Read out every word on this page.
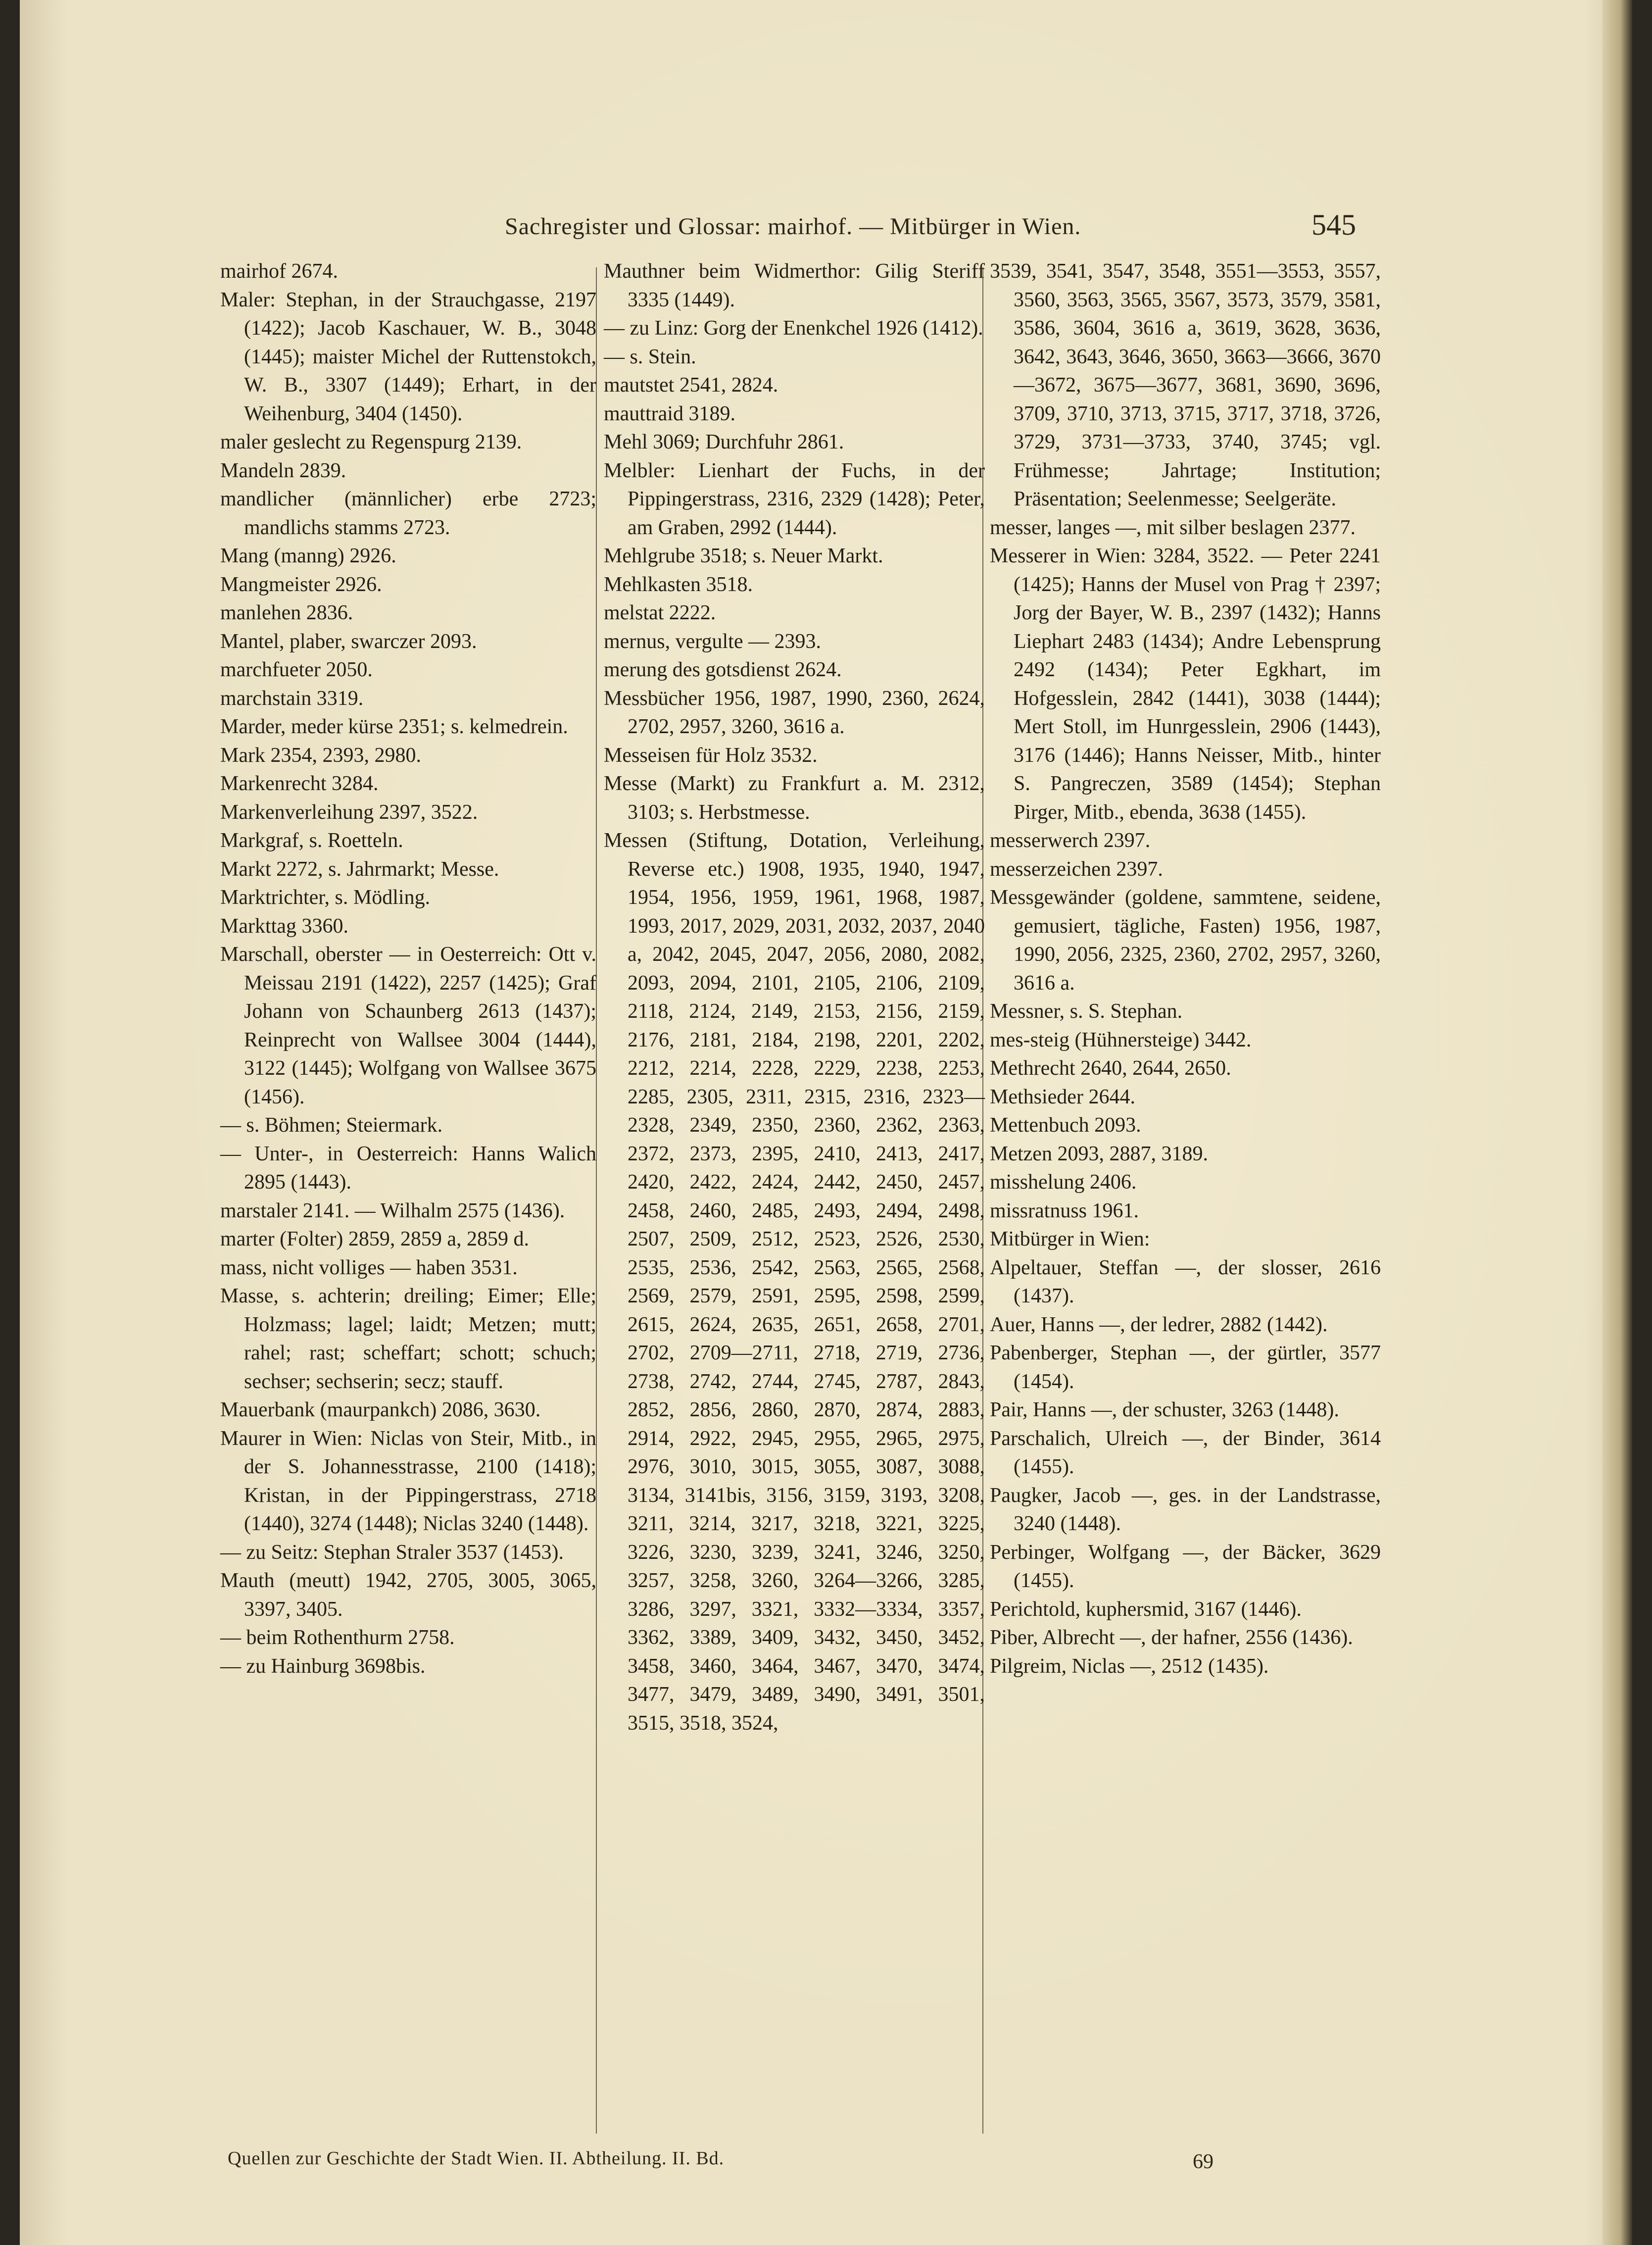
Sachregister und Glossar: mairhof. — Mitbürger in Wien.	545

mairhof 2674.

Maler: Stephan, in der Strauchgasse, 2197 (1422); Jacob Kaschauer, W. B., 3048 (1445); maister Michel der Ruttenstokch, W. B., 3307 (1449); Erhart, in der Weihenburg, 3404 (1450).

maler geslecht zu Regenspurg 2139.

Mandeln 2839.

mandlicher (männlicher) erbe 2723; mandlichs stamms 2723.

Mang (manng) 2926.

Mangmeister 2926.

manlehen 2836.

Mantel, plaber, swarczer 2093.

marchfueter 2050.

marchstain 3319.

Marder, meder kürse 2351; s. kelmedrein.

Mark 2354, 2393, 2980.

Markenrecht 3284.

Markenverleihung 2397, 3522.

Markgraf, s. Roetteln.

Markt 2272, s. Jahrmarkt; Messe.

Marktrichter, s. Mödling.

Markttag 3360.

Marschall, oberster — in Oesterreich: Ott v. Meissau 2191 (1422), 2257 (1425); Graf Johann von Schaunberg 2613 (1437); Reinprecht von Wallsee 3004 (1444), 3122 (1445); Wolfgang von Wallsee 3675 (1456).

— s. Böhmen; Steiermark.

— Unter-, in Oesterreich: Hanns Walich 2895 (1443).

marstaler 2141. — Wilhalm 2575 (1436).

marter (Folter) 2859, 2859 a, 2859 d.

mass, nicht volliges — haben 3531.

Masse, s. achterin; dreiling; Eimer; Elle; Holzmass; lagel; laidt; Metzen; mutt; rahel; rast; scheffart; schott; schuch; sechser; sechserin; secz; stauff.

Mauerbank (maurpankch) 2086, 3630.

Maurer in Wien: Niclas von Steir, Mitb., in der S. Johannesstrasse, 2100 (1418); Kristan, in der Pippingerstrass, 2718 (1440), 3274 (1448); Niclas 3240 (1448).

— zu Seitz: Stephan Straler 3537 (1453).

Mauth (meutt) 1942, 2705, 3005, 3065, 3397, 3405.

— beim Rothenthurm 2758.

— zu Hainburg 3698bis.

Mauthner beim Widmerthor: Gilig Steriff 3335 (1449).

— zu Linz: Gorg der Enenkchel 1926 (1412).

— s. Stein.

mautstet 2541, 2824.

mauttraid 3189.

Mehl 3069; Durchfuhr 2861.

Melbler: Lienhart der Fuchs, in der Pippingerstrass, 2316, 2329 (1428); Peter, am Graben, 2992 (1444).

Mehlgrube 3518; s. Neuer Markt.

Mehlkasten 3518.

melstat 2222.

mernus, vergulte — 2393.

merung des gotsdienst 2624.

Messbücher 1956, 1987, 1990, 2360, 2624, 2702, 2957, 3260, 3616 a.

Messeisen für Holz 3532.

Messe (Markt) zu Frankfurt a. M. 2312, 3103; s. Herbstmesse.

Messen (Stiftung, Dotation, Verleihung, Reverse etc.) 1908, 1935, 1940, 1947, 1954, 1956, 1959, 1961, 1968, 1987, 1993, 2017, 2029, 2031, 2032, 2037, 2040 a, 2042, 2045, 2047, 2056, 2080, 2082, 2093, 2094, 2101, 2105, 2106, 2109, 2118, 2124, 2149, 2153, 2156, 2159, 2176, 2181, 2184, 2198, 2201, 2202, 2212, 2214, 2228, 2229, 2238, 2253, 2285, 2305, 2311, 2315, 2316, 2323—2328, 2349, 2350, 2360, 2362, 2363, 2372, 2373, 2395, 2410, 2413, 2417, 2420, 2422, 2424, 2442, 2450, 2457, 2458, 2460, 2485, 2493, 2494, 2498, 2507, 2509, 2512, 2523, 2526, 2530, 2535, 2536, 2542, 2563, 2565, 2568, 2569, 2579, 2591, 2595, 2598, 2599, 2615, 2624, 2635, 2651, 2658, 2701, 2702, 2709—2711, 2718, 2719, 2736, 2738, 2742, 2744, 2745, 2787, 2843, 2852, 2856, 2860, 2870, 2874, 2883, 2914, 2922, 2945, 2955, 2965, 2975, 2976, 3010, 3015, 3055, 3087, 3088, 3134, 3141bis, 3156, 3159, 3193, 3208, 3211, 3214, 3217, 3218, 3221, 3225, 3226, 3230, 3239, 3241, 3246, 3250, 3257, 3258, 3260, 3264—3266, 3285, 3286, 3297, 3321, 3332—3334, 3357, 3362, 3389, 3409, 3432, 3450, 3452, 3458, 3460, 3464, 3467, 3470, 3474, 3477, 3479, 3489, 3490, 3491, 3501, 3515, 3518, 3524,

3539, 3541, 3547, 3548, 3551—3553, 3557, 3560, 3563, 3565, 3567, 3573, 3579, 3581, 3586, 3604, 3616 a, 3619, 3628, 3636, 3642, 3643, 3646, 3650, 3663—3666, 3670—3672, 3675—3677, 3681, 3690, 3696, 3709, 3710, 3713, 3715, 3717, 3718, 3726, 3729, 3731—3733, 3740, 3745; vgl. Frühmesse; Jahrtage; Institution; Präsentation; Seelenmesse; Seelgeräte.

messer, langes —, mit silber beslagen 2377.

Messerer in Wien: 3284, 3522. — Peter 2241 (1425); Hanns der Musel von Prag † 2397; Jorg der Bayer, W. B., 2397 (1432); Hanns Liephart 2483 (1434); Andre Lebensprung 2492 (1434); Peter Egkhart, im Hofgesslein, 2842 (1441), 3038 (1444); Mert Stoll, im Hunrgesslein, 2906 (1443), 3176 (1446); Hanns Neisser, Mitb., hinter S. Pangreczen, 3589 (1454); Stephan Pirger, Mitb., ebenda, 3638 (1455).

messerwerch 2397.

messerzeichen 2397.

Messgewänder (goldene, sammtene, seidene, gemusiert, tägliche, Fasten) 1956, 1987, 1990, 2056, 2325, 2360, 2702, 2957, 3260, 3616 a.

Messner, s. S. Stephan.

mes-steig (Hühnersteige) 3442.

Methrecht 2640, 2644, 2650.

Methsieder 2644.

Mettenbuch 2093.

Metzen 2093, 2887, 3189.

misshelung 2406.

missratnuss 1961.

Mitbürger in Wien:

Alpeltauer, Steffan —, der slosser, 2616 (1437).

Auer, Hanns —, der ledrer, 2882 (1442).

Pabenberger, Stephan —, der gürtler, 3577 (1454).

Pair, Hanns —, der schuster, 3263 (1448).

Parschalich, Ulreich —, der Binder, 3614 (1455).

Paugker, Jacob —, ges. in der Landstrasse, 3240 (1448).

Perbinger, Wolfgang —, der Bäcker, 3629 (1455).

Perichtold, kuphersmid, 3167 (1446).

Piber, Albrecht —, der hafner, 2556 (1436).

Pilgreim, Niclas —, 2512 (1435).

Quellen zur Geschichte der Stadt Wien. II. Abtheilung. II. Bd.	69
